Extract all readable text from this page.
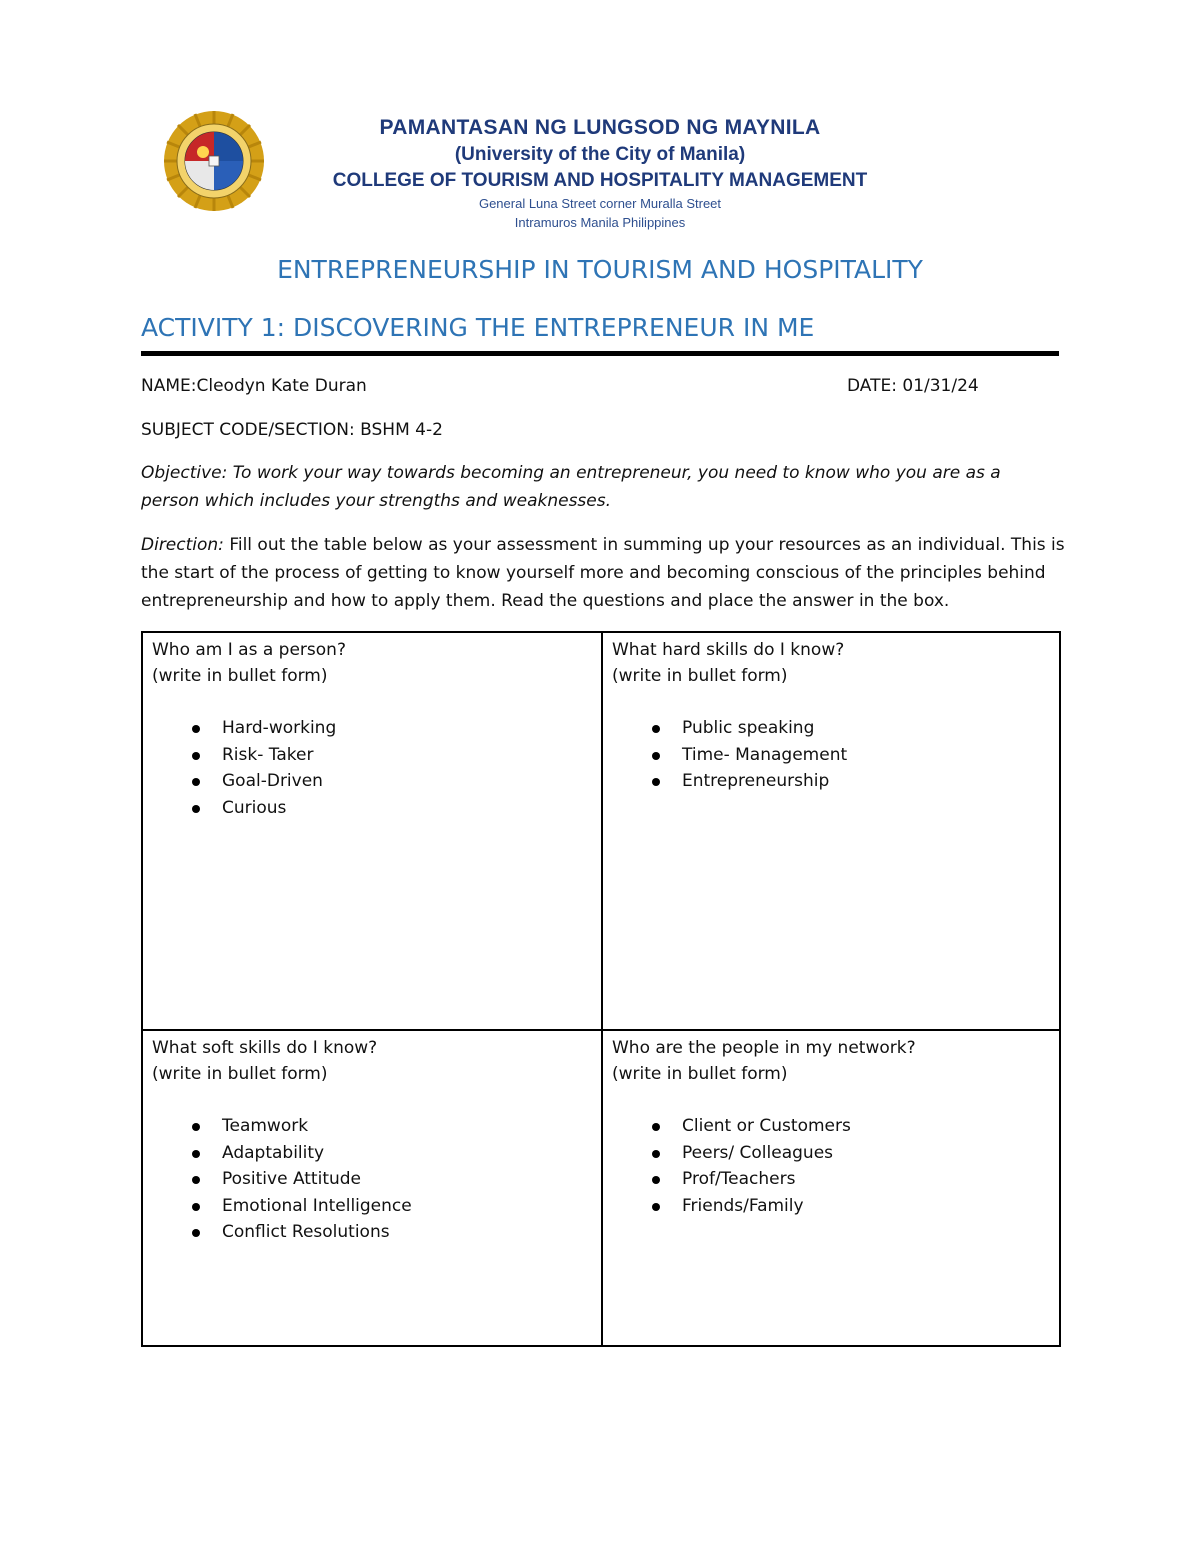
PAMANTASAN NG LUNGSOD NG MAYNILA
(University of the City of Manila)
COLLEGE OF TOURISM AND HOSPITALITY MANAGEMENT
General Luna Street corner Muralla Street
Intramuros Manila Philippines
ENTREPRENEURSHIP IN TOURISM AND HOSPITALITY
ACTIVITY 1: DISCOVERING THE ENTREPRENEUR IN ME
NAME:Cleodyn Kate Duran	DATE: 01/31/24
SUBJECT CODE/SECTION: BSHM 4-2
Objective: To work your way towards becoming an entrepreneur, you need to know who you are as a person which includes your strengths and weaknesses.
Direction: Fill out the table below as your assessment in summing up your resources as an individual. This is the start of the process of getting to know yourself more and becoming conscious of the principles behind entrepreneurship and how to apply them. Read the questions and place the answer in the box.
Who am I as a person?
(write in bullet form)
Hard-working
Risk- Taker
Goal-Driven
Curious
What hard skills do I know?
(write in bullet form)
Public speaking
Time- Management
Entrepreneurship
What soft skills do I know?
(write in bullet form)
Teamwork
Adaptability
Positive Attitude
Emotional Intelligence
Conflict Resolutions
Who are the people in my network?
(write in bullet form)
Client or Customers
Peers/ Colleagues
Prof/Teachers
Friends/Family
